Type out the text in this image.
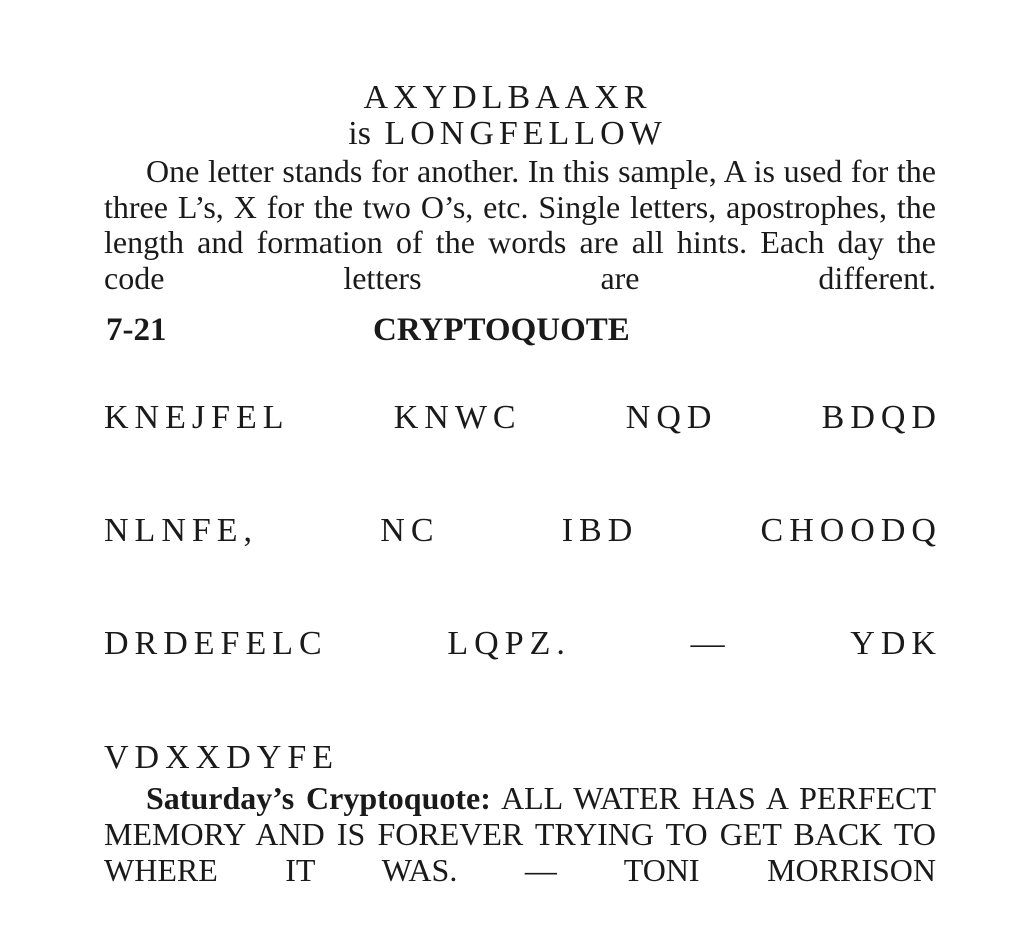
AXYDLBAAXR
is LONGFELLOW

One letter stands for another. In this sample, A is used for the three L’s, X for the two O’s, etc. Single letters, apostrophes, the length and formation of the words are all hints. Each day the code letters are different.

7-21	CRYPTOQUOTE
KNEJFEL	KNWC	NQD	BDQD
NLNFE,	NC	IBD	CHOODQ
DRDEFELC	LQPZ.	—	YDK
VDXXDYFE

Saturday’s Cryptoquote: ALL WATER HAS A PERFECT MEMORY AND IS FOREVER TRYING TO GET BACK TO WHERE IT WAS. — TONI MORRISON
